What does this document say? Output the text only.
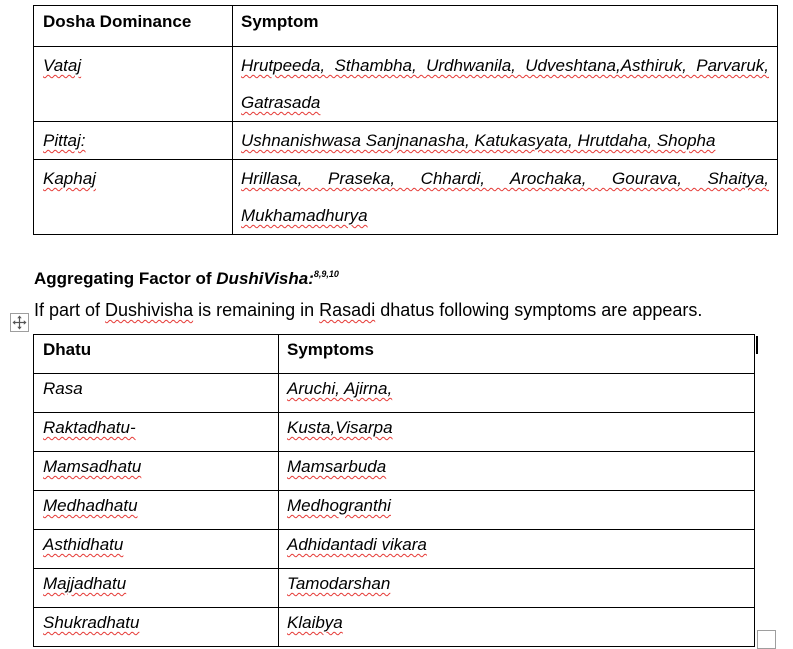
Dosha Dominance	Symptom
Vataj	Hrutpeeda, Sthambha, Urdhwanila, Udveshtana,Asthiruk, Parvaruk, Gatrasada
Pittaj:	Ushnanishwasa Sanjnanasha, Katukasyata, Hrutdaha, Shopha
Kaphaj	Hrillasa, Praseka, Chhardi, Arochaka, Gourava, Shaitya, Mukhamadhurya

Aggregating Factor of DushiVisha:$^{8,9,10}$

If part of Dushivisha is remaining in Rasadi dhatus following symptoms are appears.

Dhatu	Symptoms
Rasa	Aruchi, Ajirna,
Raktadhatu-	Kusta,Visarpa
Mamsadhatu	Mamsarbuda
Medhadhatu	Medhogranthi
Asthidhatu	Adhidantadi vikara
Majjadhatu	Tamodarshan
Shukradhatu	Klaibya
